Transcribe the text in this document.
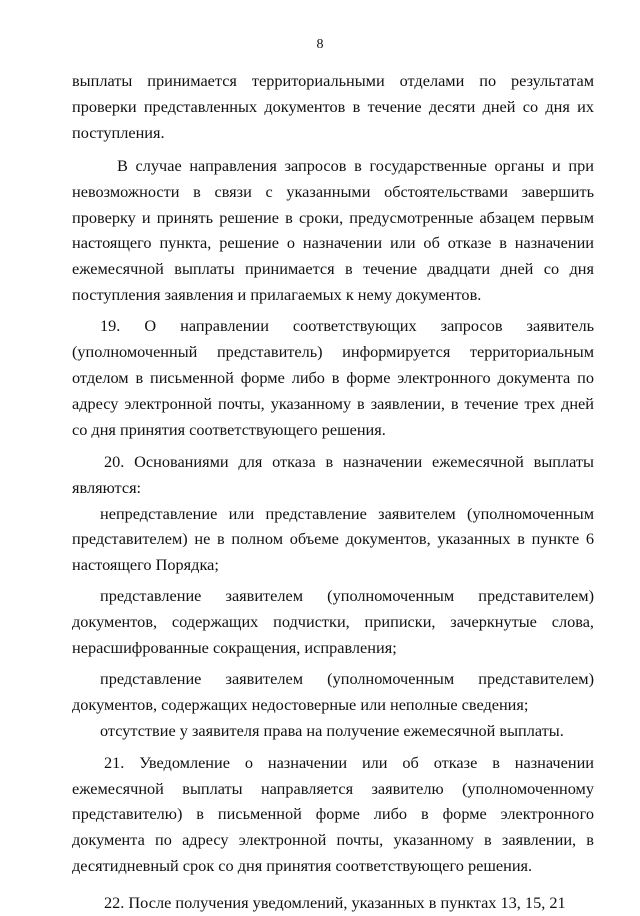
8

выплаты принимается территориальными отделами по результатам проверки представленных документов в течение десяти дней со дня их поступления.

В случае направления запросов в государственные органы и при невозможности в связи с указанными обстоятельствами завершить проверку и принять решение в сроки, предусмотренные абзацем первым настоящего пункта, решение о назначении или об отказе в назначении ежемесячной выплаты принимается в течение двадцати дней со дня поступления заявления и прилагаемых к нему документов.

19. О направлении соответствующих запросов заявитель (уполномоченный представитель) информируется территориальным отделом в письменной форме либо в форме электронного документа по адресу электронной почты, указанному в заявлении, в течение трех дней со дня принятия соответствующего решения.

20. Основаниями для отказа в назначении ежемесячной выплаты являются:

непредставление или представление заявителем (уполномоченным представителем) не в полном объеме документов, указанных в пункте 6 настоящего Порядка;

представление заявителем (уполномоченным представителем) документов, содержащих подчистки, приписки, зачеркнутые слова, нерасшифрованные сокращения, исправления;

представление заявителем (уполномоченным представителем) документов, содержащих недостоверные или неполные сведения;

отсутствие у заявителя права на получение ежемесячной выплаты.

21. Уведомление о назначении или об отказе в назначении ежемесячной выплаты направляется заявителю (уполномоченному представителю) в письменной форме либо в форме электронного документа по адресу электронной почты, указанному в заявлении, в десятидневный срок со дня принятия соответствующего решения.

22. После получения уведомлений, указанных в пунктах 13, 15, 21
